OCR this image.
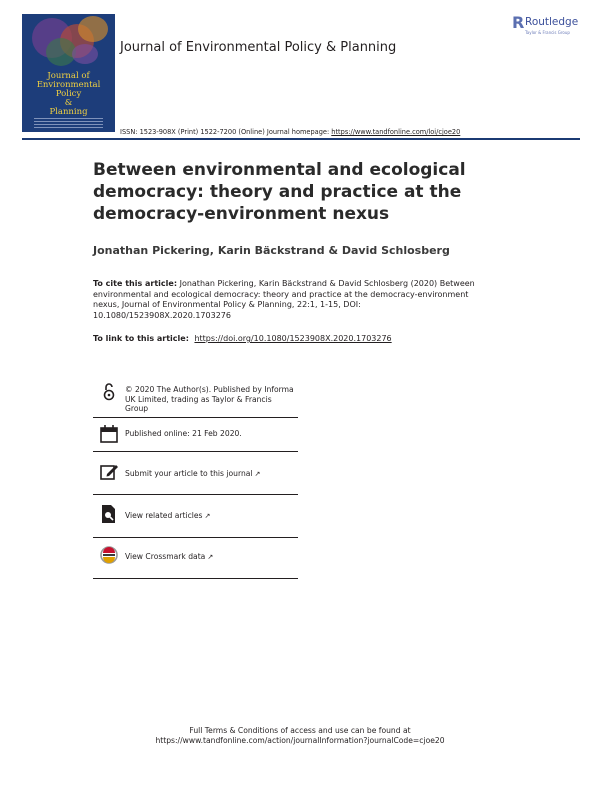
Journal of
Environmental
Policy
&
Planning
Journal of Environmental Policy & Planning
R Routledge
Taylor & Francis Group
ISSN: 1523-908X (Print) 1522-7200 (Online) Journal homepage: https://www.tandfonline.com/loi/cjoe20
Between environmental and ecological democracy: theory and practice at the democracy-environment nexus
Jonathan Pickering, Karin Bäckstrand & David Schlosberg
To cite this article: Jonathan Pickering, Karin Bäckstrand & David Schlosberg (2020) Between environmental and ecological democracy: theory and practice at the democracy-environment nexus, Journal of Environmental Policy & Planning, 22:1, 1-15, DOI: 10.1080/1523908X.2020.1703276
To link to this article: https://doi.org/10.1080/1523908X.2020.1703276
© 2020 The Author(s). Published by Informa UK Limited, trading as Taylor & Francis Group
Published online: 21 Feb 2020.
Submit your article to this journal ↗
View related articles ↗
View Crossmark data ↗
Full Terms & Conditions of access and use can be found at
https://www.tandfonline.com/action/journalInformation?journalCode=cjoe20
